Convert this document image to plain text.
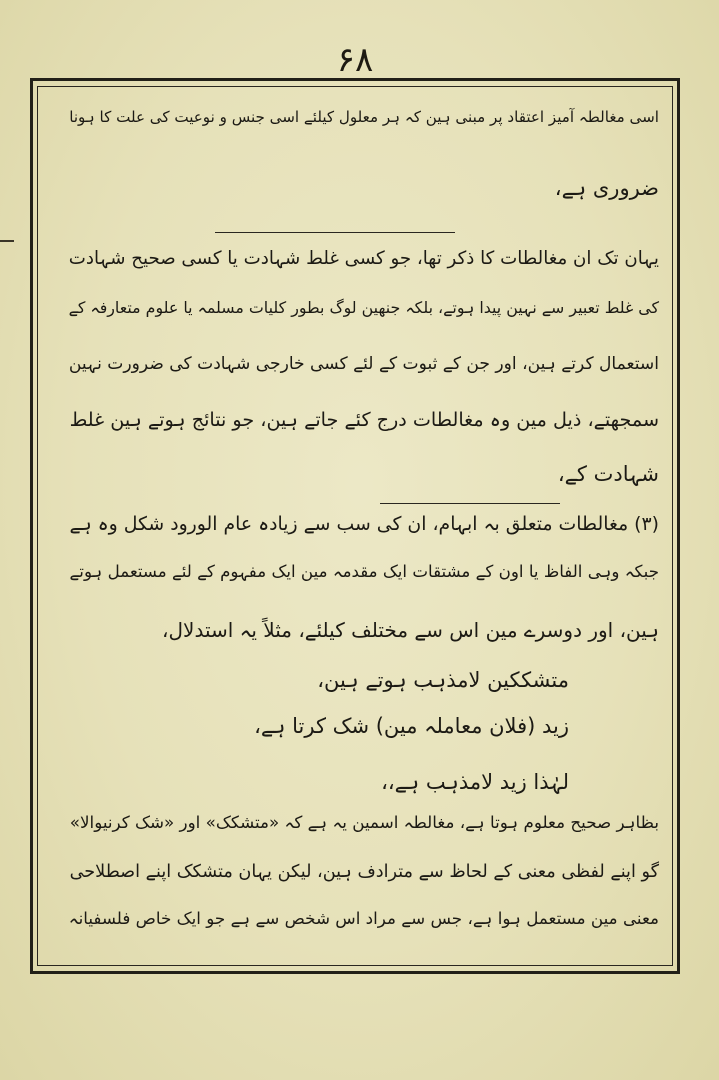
۶۸
اسی مغالطہ آمیز اعتقاد پر مبنی ہین کہ ہر معلول کیلئے اسی جنس و نوعیت کی علت کا ہونا
ضروری ہے،
یہان تک ان مغالطات کا ذکر تھا، جو کسی غلط شہادت یا کسی صحیح شہادت
کی غلط تعبیر سے نہین پیدا ہوتے، بلکہ جنھین لوگ بطور کلیات مسلمہ یا علوم متعارفہ کے
استعمال کرتے ہین، اور جن کے ثبوت کے لئے کسی خارجی شہادت کی ضرورت نہین
سمجھتے، ذیل مین وہ مغالطات درج کئے جاتے ہین، جو نتائج ہوتے ہین غلط
شہادت کے،
(۳) مغالطات متعلق بہ ابہام، ان کی سب سے زیادہ عام الورود شکل وہ ہے
جبکہ وہی الفاظ یا اون کے مشتقات ایک مقدمہ مین ایک مفہوم کے لئے مستعمل ہوتے
ہین، اور دوسرے مین اس سے مختلف کیلئے، مثلاً یہ استدلال،
متشککین لامذہب ہوتے ہین،
زید (فلان معاملہ مین) شک کرتا ہے،
لہٰذا زید لامذہب ہے،،
بظاہر صحیح معلوم ہوتا ہے، مغالطہ اسمین یہ ہے کہ «متشکک» اور «شک کرنیوالا»
گو اپنے لفظی معنی کے لحاظ سے مترادف ہین، لیکن یہان متشکک اپنے اصطلاحی
معنی مین مستعمل ہوا ہے، جس سے مراد اس شخص سے ہے جو ایک خاص فلسفیانہ
